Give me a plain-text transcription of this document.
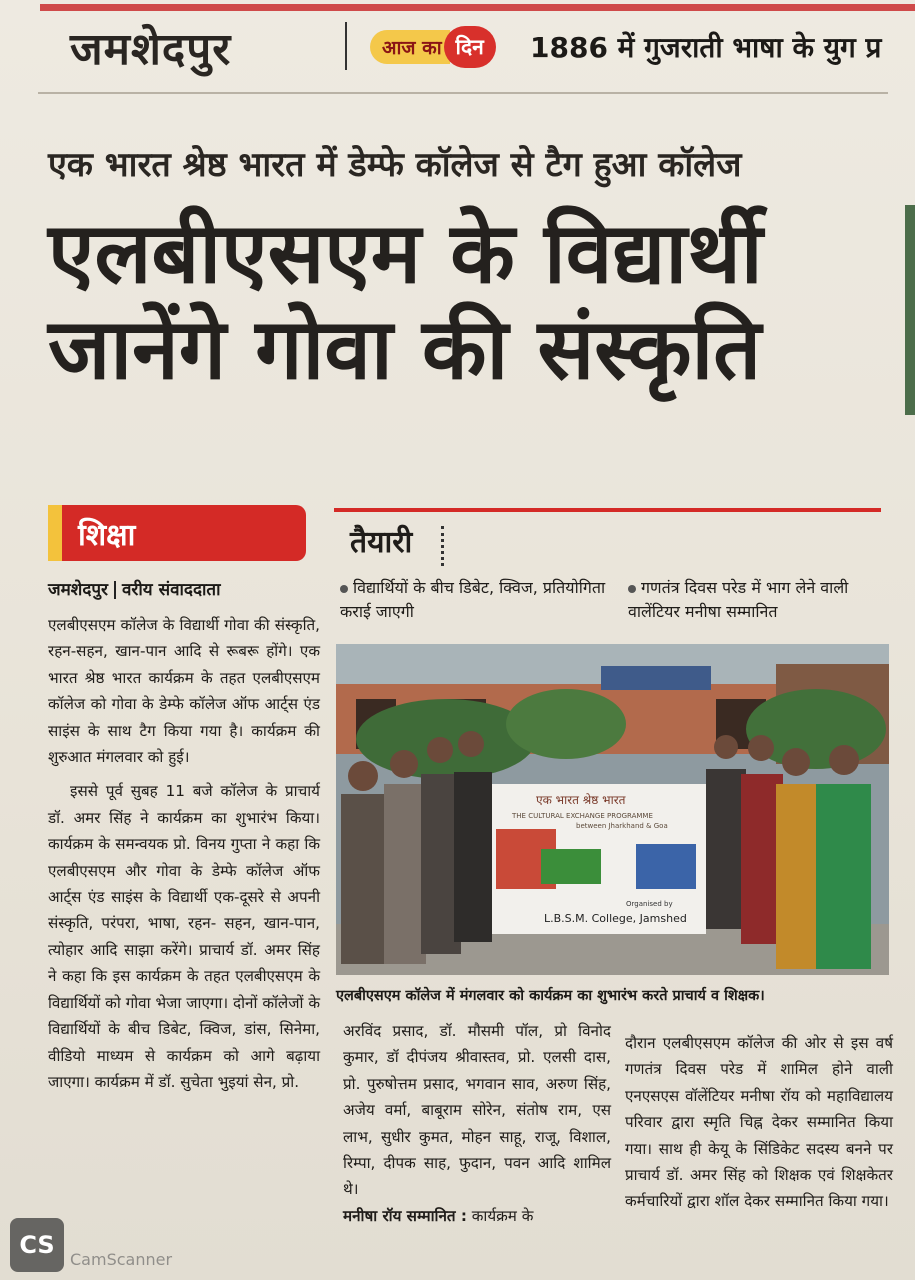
जमशेदपुर	आज का दिन	1886 में गुजराती भाषा के युग प्र
एक भारत श्रेष्ठ भारत में डेम्फे कॉलेज से टैग हुआ कॉलेज
एलबीएसएम के विद्यार्थी
जानेंगे गोवा की संस्कृति
शिक्षा
जमशेदपुर वरीय संवाददाता

एलबीएसएम कॉलेज के विद्यार्थी गोवा की संस्कृति, रहन-सहन, खान-पान आदि से रूबरू होंगे। एक भारत श्रेष्ठ भारत कार्यक्रम के तहत एलबीएसएम कॉलेज को गोवा के डेम्फे कॉलेज ऑफ आर्ट्स एंड साइंस के साथ टैग किया गया है। कार्यक्रम की शुरुआत मंगलवार को हुई।

इससे पूर्व सुबह 11 बजे कॉलेज के प्राचार्य डॉ. अमर सिंह ने कार्यक्रम का शुभारंभ किया। कार्यक्रम के समन्वयक प्रो. विनय गुप्ता ने कहा कि एलबीएसएम और गोवा के डेम्फे कॉलेज ऑफ आर्ट्स एंड साइंस के विद्यार्थी एक-दूसरे से अपनी संस्कृति, परंपरा, भाषा, रहन- सहन, खान-पान, त्योहार आदि साझा करेंगे। प्राचार्य डॉ. अमर सिंह ने कहा कि इस कार्यक्रम के तहत एलबीएसएम के विद्यार्थियों को गोवा भेजा जाएगा। दोनों कॉलेजों के विद्यार्थियों के बीच डिबेट, क्विज, डांस, सिनेमा, वीडियो माध्यम से कार्यक्रम को आगे बढ़ाया जाएगा। कार्यक्रम में डॉ. सुचेता भुइयां सेन, प्रो.

तैयारी
विद्यार्थियों के बीच डिबेट, क्विज, प्रतियोगिता कराई जाएगी
गणतंत्र दिवस परेड में भाग लेने वाली वालेंटियर मनीषा सम्मानित
एक भारत श्रेष्ठ भारत
THE CULTURAL EXCHANGE PROGRAMME
between Jharkhand & Goa
Organised by
L.B.S.M. College, Jamshed
एलबीएसएम कॉलेज में मंगलवार को कार्यक्रम का शुभारंभ करते प्राचार्य व शिक्षक।

अरविंद प्रसाद, डॉ. मौसमी पॉल, प्रो विनोद कुमार, डॉ दीपंजय श्रीवास्तव, प्रो. एलसी दास, प्रो. पुरुषोत्तम प्रसाद, भगवान साव, अरुण सिंह, अजेय वर्मा, बाबूराम सोरेन, संतोष राम, एस लाभ, सुधीर कुमत, मोहन साहू, राजू, विशाल, रिम्पा, दीपक साह, फुदान, पवन आदि शामिल थे।

मनीषा रॉय सम्मानित : कार्यक्रम के

दौरान एलबीएसएम कॉलेज की ओर से इस वर्ष गणतंत्र दिवस परेड में शामिल होने वाली एनएसएस वॉलेंटियर मनीषा रॉय को महाविद्यालय परिवार द्वारा स्मृति चिह्न देकर सम्मानित किया गया। साथ ही केयू के सिंडिकेट सदस्य बनने पर प्राचार्य डॉ. अमर सिंह को शिक्षक एवं शिक्षकेतर कर्मचारियों द्वारा शॉल देकर सम्मानित किया गया।

CS
CamScanner
